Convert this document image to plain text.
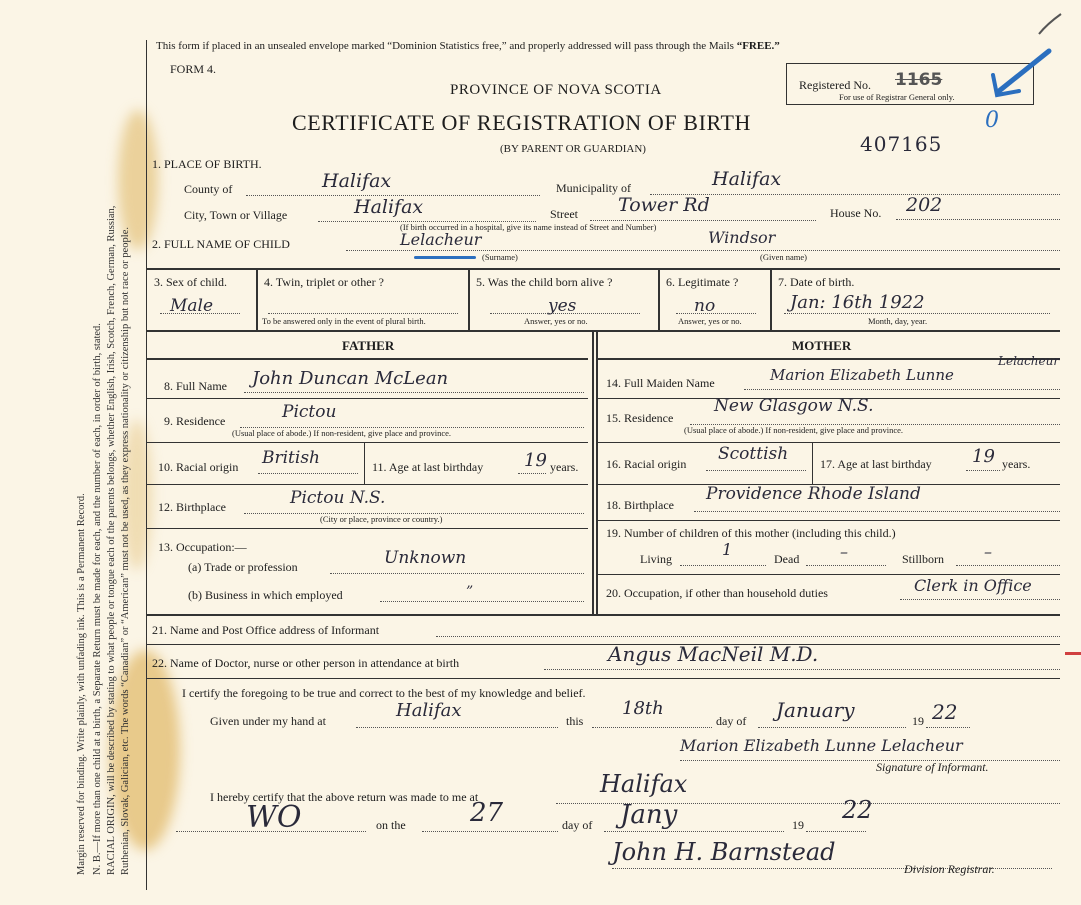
Margin reserved for binding. Write plainly, with unfading ink. This is a Permanent Record. N. B.—If more than one child at a birth, a Separate Return must be made for each, and the number of each, in order of birth, stated. RACIAL ORIGIN, will be described by stating to what people or tongue each of the parents belongs, whether English, Irish, Scotch, French, German, Russian, Ruthenian, Slovak, Galician, etc. The words “Canadian” or “American” must not be used, as they express nationality or citizenship but not race or people.
This form if placed in an unsealed envelope marked “Dominion Statistics free,” and properly addressed will pass through the Mails “FREE.”
FORM 4.
Registered No. 1165
For use of Registrar General only.
0
PROVINCE OF NOVA SCOTIA
CERTIFICATE OF REGISTRATION OF BIRTH
(BY PARENT OR GUARDIAN)	407165
1. PLACE OF BIRTH.
County of	Halifax	Municipality of	Halifax
City, Town or Village	Halifax	Street Tower Rd	House No. 202
(If birth occurred in a hospital, give its name instead of Street and Number)
2. FULL NAME OF CHILD	Lelacheur	Windsor
(Surname)	(Given name)
3. Sex of child.
Male
4. Twin, triplet or other ?
To be answered only in the event of plural birth.
5. Was the child born alive ?
yes
Answer, yes or no.
6. Legitimate ?
no
Answer, yes or no.
7. Date of birth.
Jan: 16th 1922
Month, day, year.
FATHER	MOTHER
8. Full Name John Duncan McLean
9. Residence	Pictou
(Usual place of abode.) If non-resident, give place and province.
10. Racial origin British	11. Age at last birthday 19 years.
12. Birthplace	Pictou N.S.
(City or place, province or country.)
13. Occupation:—
(a) Trade or profession	Unknown
(b) Business in which employed	”
14. Full Maiden Name	Marion Elizabeth Lunne
Lelacheur
15. Residence
New Glasgow N.S.
(Usual place of abode.) If non-resident, give place and province.
16. Racial origin Scottish	17. Age at last birthday 19 years.
18. Birthplace
Providence Rhode Island
19. Number of children of this mother (including this child.)
Living	1	Dead	–	Stillborn –
20. Occupation, if other than household duties	Clerk in Office
21. Name and Post Office address of Informant
22. Name of Doctor, nurse or other person in attendance at birth	Angus MacNeil M.D.
I certify the foregoing to be true and correct to the best of my knowledge and belief.
Given under my hand at	Halifax	this
18th
day of January	19 22
Marion Elizabeth Lunne Lelacheur
Signature of Informant.
I hereby certify that the above return was made to me at	Halifax
WO	on the 27	day of Jany	19
22
John H. Barnstead
Division Registrar.
